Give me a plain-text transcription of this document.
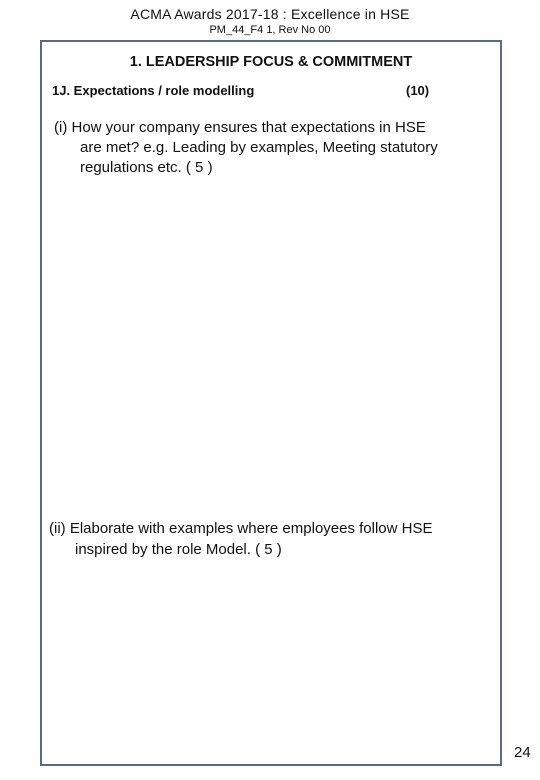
ACMA Awards 2017-18 : Excellence in HSE
PM_44_F4 1, Rev No 00
1. LEADERSHIP FOCUS & COMMITMENT
1J. Expectations / role modelling	(10)
(i) How your company ensures that expectations in HSE
are met? e.g. Leading by examples, Meeting statutory
regulations etc. ( 5 )
(ii) Elaborate with examples where employees follow HSE
inspired by the role Model. ( 5 )
24
